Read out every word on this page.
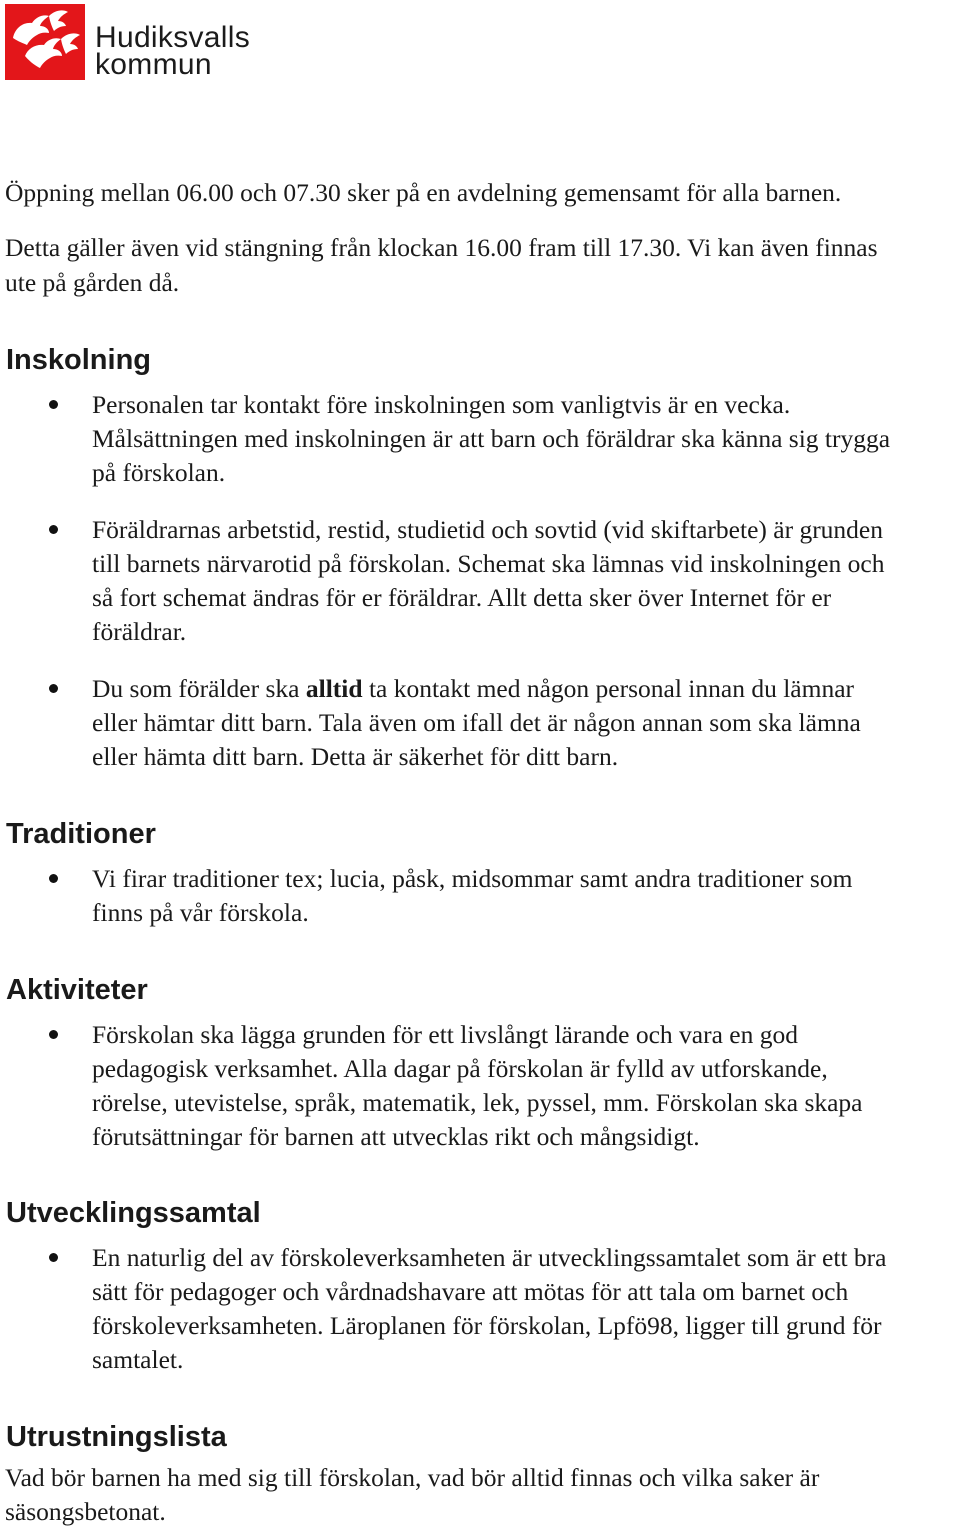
Hudiksvalls
kommun

Öppning mellan 06.00 och 07.30 sker på en avdelning gemensamt för alla barnen.

Detta gäller även vid stängning från klockan 16.00 fram till 17.30. Vi kan även finnas

ute på gården då.

Inskolning
Personalen tar kontakt före inskolningen som vanligtvis är en vecka.
Målsättningen med inskolningen är att barn och föräldrar ska känna sig trygga
på förskolan.
Föräldrarnas arbetstid, restid, studietid och sovtid (vid skiftarbete) är grunden
till barnets närvarotid på förskolan. Schemat ska lämnas vid inskolningen och
så fort schemat ändras för er föräldrar. Allt detta sker över Internet för er
föräldrar.
Du som förälder ska alltid ta kontakt med någon personal innan du lämnar
eller hämtar ditt barn. Tala även om ifall det är någon annan som ska lämna
eller hämta ditt barn. Detta är säkerhet för ditt barn.
Traditioner
Vi firar traditioner tex; lucia, påsk, midsommar samt andra traditioner som
finns på vår förskola.
Aktiviteter
Förskolan ska lägga grunden för ett livslångt lärande och vara en god
pedagogisk verksamhet. Alla dagar på förskolan är fylld av utforskande,
rörelse, utevistelse, språk, matematik, lek, pyssel, mm. Förskolan ska skapa
förutsättningar för barnen att utvecklas rikt och mångsidigt.
Utvecklingssamtal
En naturlig del av förskoleverksamheten är utvecklingssamtalet som är ett bra
sätt för pedagoger och vårdnadshavare att mötas för att tala om barnet och
förskoleverksamheten. Läroplanen för förskolan, Lpfö98, ligger till grund för
samtalet.
Utrustningslista

Vad bör barnen ha med sig till förskolan, vad bör alltid finnas och vilka saker är

säsongsbetonat.
